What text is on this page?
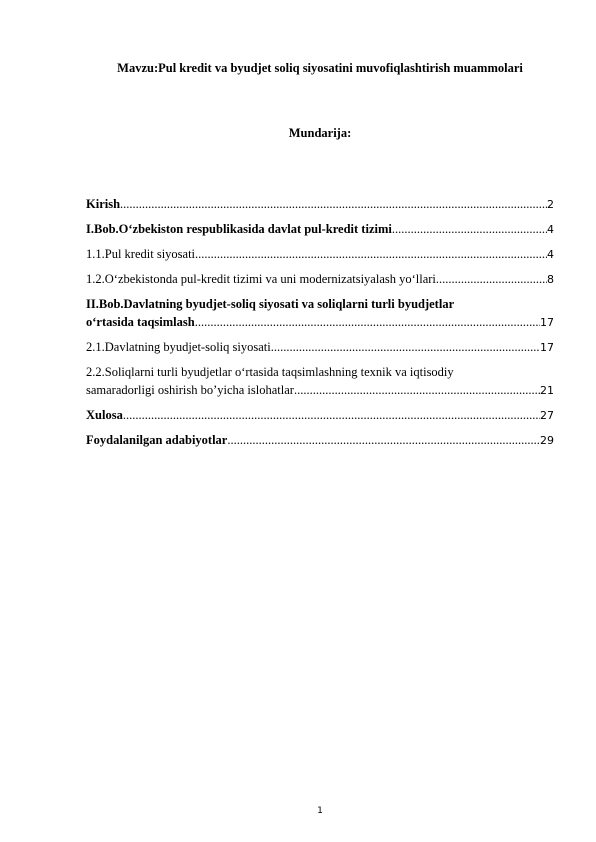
Mavzu:Pul kredit va byudjet soliq siyosatini muvofiqlashtirish muammolari
Mundarija:
Kirish .....	2
I.Bob.O‘zbekiston respublikasida davlat pul-kredit tizimi .....	4
1.1.Pul kredit siyosati .....	4
1.2.O‘zbekistonda pul-kredit tizimi va uni modernizatsiyalash yo‘llari .....	8
II.Bob.Davlatning byudjet-soliq siyosati va soliqlarni turli byudjetlar
o‘rtasida taqsimlash .....	17
2.1.Davlatning byudjet-soliq siyosati .....	17
2.2.Soliqlarni turli byudjetlar o‘rtasida taqsimlashning texnik va iqtisodiy
samaradorligi oshirish bo’yicha islohatlar .....	21
Xulosa .....	27
Foydalanilgan adabiyotlar .....	29
1
